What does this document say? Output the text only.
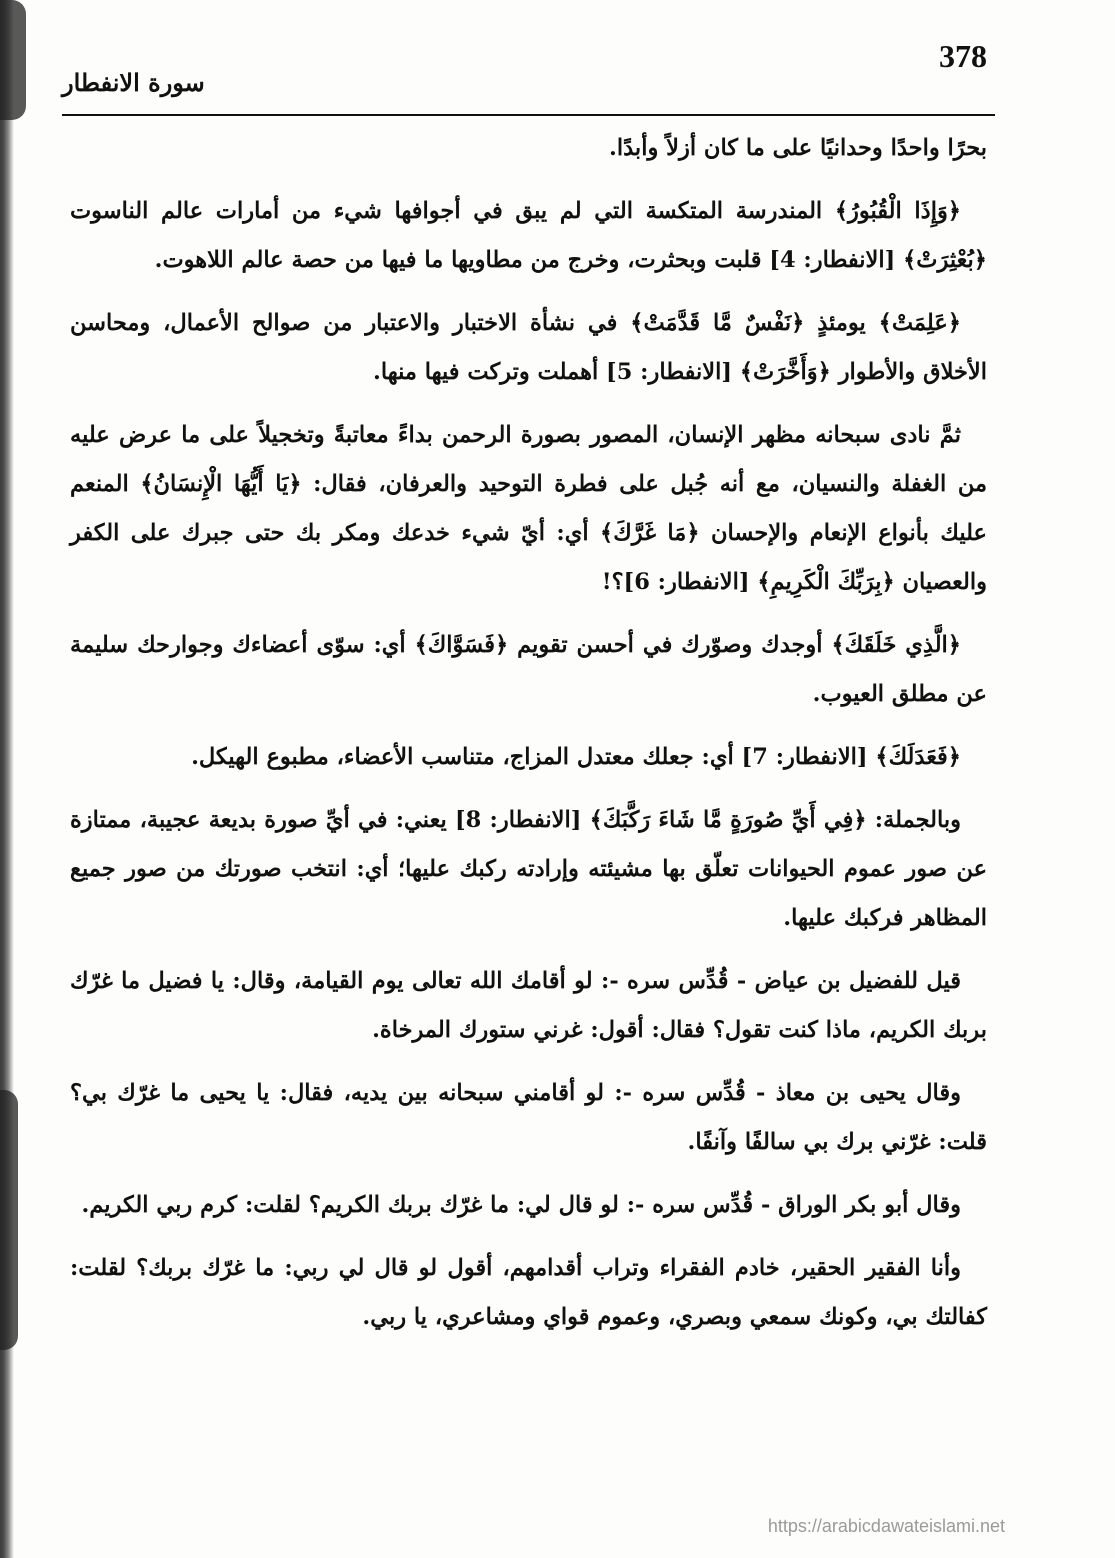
378
سورة الانفطار

بحرًا واحدًا وحدانيًا على ما كان أزلاً وأبدًا.

﴿وَإِذَا الْقُبُورُ﴾ المندرسة المتكسة التي لم يبق في أجوافها شيء من أمارات عالم الناسوت ﴿بُعْثِرَتْ﴾ [الانفطار: 4] قلبت وبحثرت، وخرج من مطاويها ما فيها من حصة عالم اللاهوت.

﴿عَلِمَتْ﴾ يومئذٍ ﴿نَفْسٌ مَّا قَدَّمَتْ﴾ في نشأة الاختبار والاعتبار من صوالح الأعمال، ومحاسن الأخلاق والأطوار ﴿وَأَخَّرَتْ﴾ [الانفطار: 5] أهملت وتركت فيها منها.

ثمَّ نادى سبحانه مظهر الإنسان، المصور بصورة الرحمن بداءً معاتبةً وتخجيلاً على ما عرض عليه من الغفلة والنسيان، مع أنه جُبل على فطرة التوحيد والعرفان، فقال: ﴿يَا أَيُّهَا الْإِنسَانُ﴾ المنعم عليك بأنواع الإنعام والإحسان ﴿مَا غَرَّكَ﴾ أي: أيّ شيء خدعك ومكر بك حتى جبرك على الكفر والعصيان ﴿بِرَبِّكَ الْكَرِيمِ﴾ [الانفطار: 6]؟!

﴿الَّذِي خَلَقَكَ﴾ أوجدك وصوّرك في أحسن تقويم ﴿فَسَوَّاكَ﴾ أي: سوّى أعضاءك وجوارحك سليمة عن مطلق العيوب.

﴿فَعَدَلَكَ﴾ [الانفطار: 7] أي: جعلك معتدل المزاج، متناسب الأعضاء، مطبوع الهيكل.

وبالجملة: ﴿فِي أَيِّ صُورَةٍ مَّا شَاءَ رَكَّبَكَ﴾ [الانفطار: 8] يعني: في أيِّ صورة بديعة عجيبة، ممتازة عن صور عموم الحيوانات تعلّق بها مشيئته وإرادته ركبك عليها؛ أي: انتخب صورتك من صور جميع المظاهر فركبك عليها.

قيل للفضيل بن عياض - قُدِّس سره -: لو أقامك الله تعالى يوم القيامة، وقال: يا فضيل ما غرّك بربك الكريم، ماذا كنت تقول؟ فقال: أقول: غرني ستورك المرخاة.

وقال يحيى بن معاذ - قُدِّس سره -: لو أقامني سبحانه بين يديه، فقال: يا يحيى ما غرّك بي؟ قلت: غرّني برك بي سالفًا وآنفًا.

وقال أبو بكر الوراق - قُدِّس سره -: لو قال لي: ما غرّك بربك الكريم؟ لقلت: كرم ربي الكريم.

وأنا الفقير الحقير، خادم الفقراء وتراب أقدامهم، أقول لو قال لي ربي: ما غرّك بربك؟ لقلت: كفالتك بي، وكونك سمعي وبصري، وعموم قواي ومشاعري، يا ربي.

https://arabicdawateislami.net
